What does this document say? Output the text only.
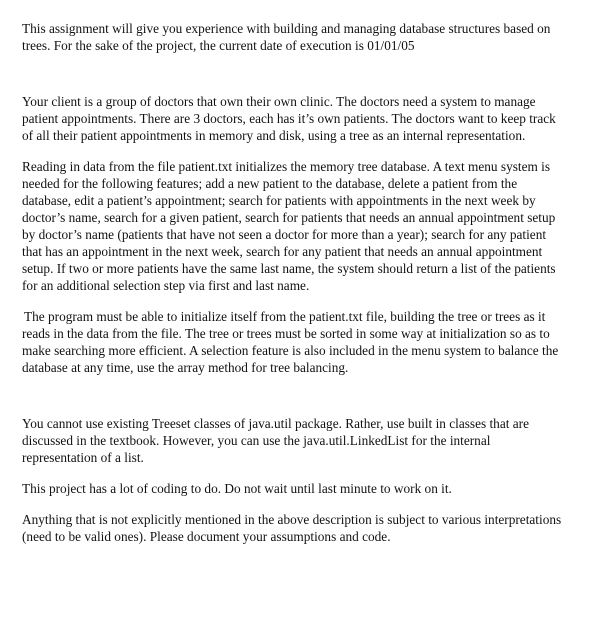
This assignment will give you experience with building and managing database structures based on trees. For the sake of the project, the current date of execution is 01/01/05

Your client is a group of doctors that own their own clinic. The doctors need a system to manage patient appointments. There are 3 doctors, each has it’s own patients. The doctors want to keep track of all their patient appointments in memory and disk, using a tree as an internal representation.

Reading in data from the file patient.txt initializes the memory tree database. A text menu system is needed for the following features; add a new patient to the database, delete a patient from the database, edit a patient’s appointment; search for patients with appointments in the next week by doctor’s name, search for a given patient, search for patients that needs an annual appointment setup by doctor’s name (patients that have not seen a doctor for more than a year); search for any patient that has an appointment in the next week, search for any patient that needs an annual appointment setup. If two or more patients have the same last name, the system should return a list of the patients for an additional selection step via first and last name.

The program must be able to initialize itself from the patient.txt file, building the tree or trees as it reads in the data from the file. The tree or trees must be sorted in some way at initialization so as to make searching more efficient. A selection feature is also included in the menu system to balance the database at any time, use the array method for tree balancing.

You cannot use existing Treeset classes of java.util package. Rather, use built in classes that are discussed in the textbook. However, you can use the java.util.LinkedList for the internal representation of a list.

This project has a lot of coding to do. Do not wait until last minute to work on it.

Anything that is not explicitly mentioned in the above description is subject to various interpretations (need to be valid ones). Please document your assumptions and code.
